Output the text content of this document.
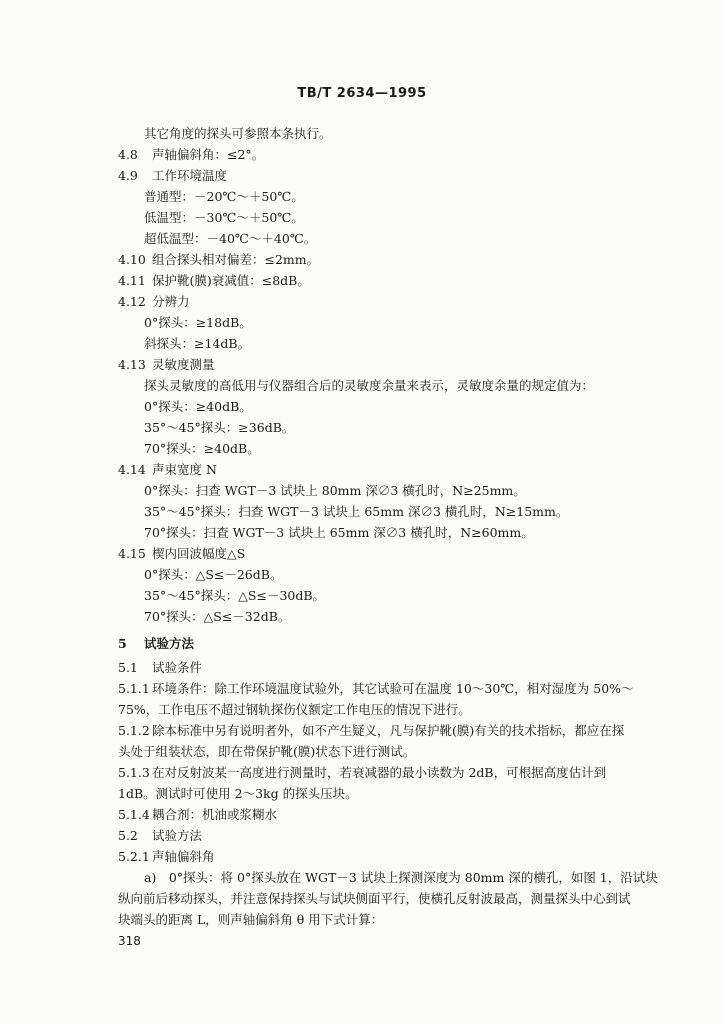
TB/T 2634—1995
其它角度的探头可参照本条执行。
4.8 声轴偏斜角：≤2°。
4.9 工作环境温度
普通型：－20℃～＋50℃。
低温型：－30℃～＋50℃。
超低温型：－40℃～＋40℃。
4.10 组合探头相对偏差：≤2mm。
4.11 保护靴(膜)衰减值：≤8dB。
4.12 分辨力
0°探头：≥18dB。
斜探头：≥14dB。
4.13 灵敏度测量
探头灵敏度的高低用与仪器组合后的灵敏度余量来表示，灵敏度余量的规定值为：
0°探头：≥40dB。
35°～45°探头：≥36dB。
70°探头：≥40dB。
4.14 声束宽度 N
0°探头：扫查 WGT－3 试块上 80mm 深∅3 横孔时，N≥25mm。
35°～45°探头：扫查 WGT－3 试块上 65mm 深∅3 横孔时，N≥15mm。
70°探头：扫查 WGT－3 试块上 65mm 深∅3 横孔时，N≥60mm。
4.15 楔内回波幅度△S
0°探头：△S≤－26dB。
35°～45°探头：△S≤－30dB。
70°探头：△S≤－32dB。
5 试验方法
5.1 试验条件
5.1.1 环境条件：除工作环境温度试验外，其它试验可在温度 10～30℃，相对湿度为 50%～
75%，工作电压不超过钢轨探伤仪额定工作电压的情况下进行。
5.1.2 除本标准中另有说明者外，如不产生疑义，凡与保护靴(膜)有关的技术指标，都应在探
头处于组装状态，即在带保护靴(膜)状态下进行测试。
5.1.3 在对反射波某一高度进行测量时，若衰减器的最小读数为 2dB，可根据高度估计到
1dB。测试时可使用 2～3kg 的探头压块。
5.1.4 耦合剂：机油或浆糊水
5.2 试验方法
5.2.1 声轴偏斜角
a)　0°探头：将 0°探头放在 WGT－3 试块上探测深度为 80mm 深的横孔，如图 1，沿试块
纵向前后移动探头，并注意保持探头与试块侧面平行，使横孔反射波最高，测量探头中心到试
块端头的距离 L，则声轴偏斜角 θ 用下式计算：
318
